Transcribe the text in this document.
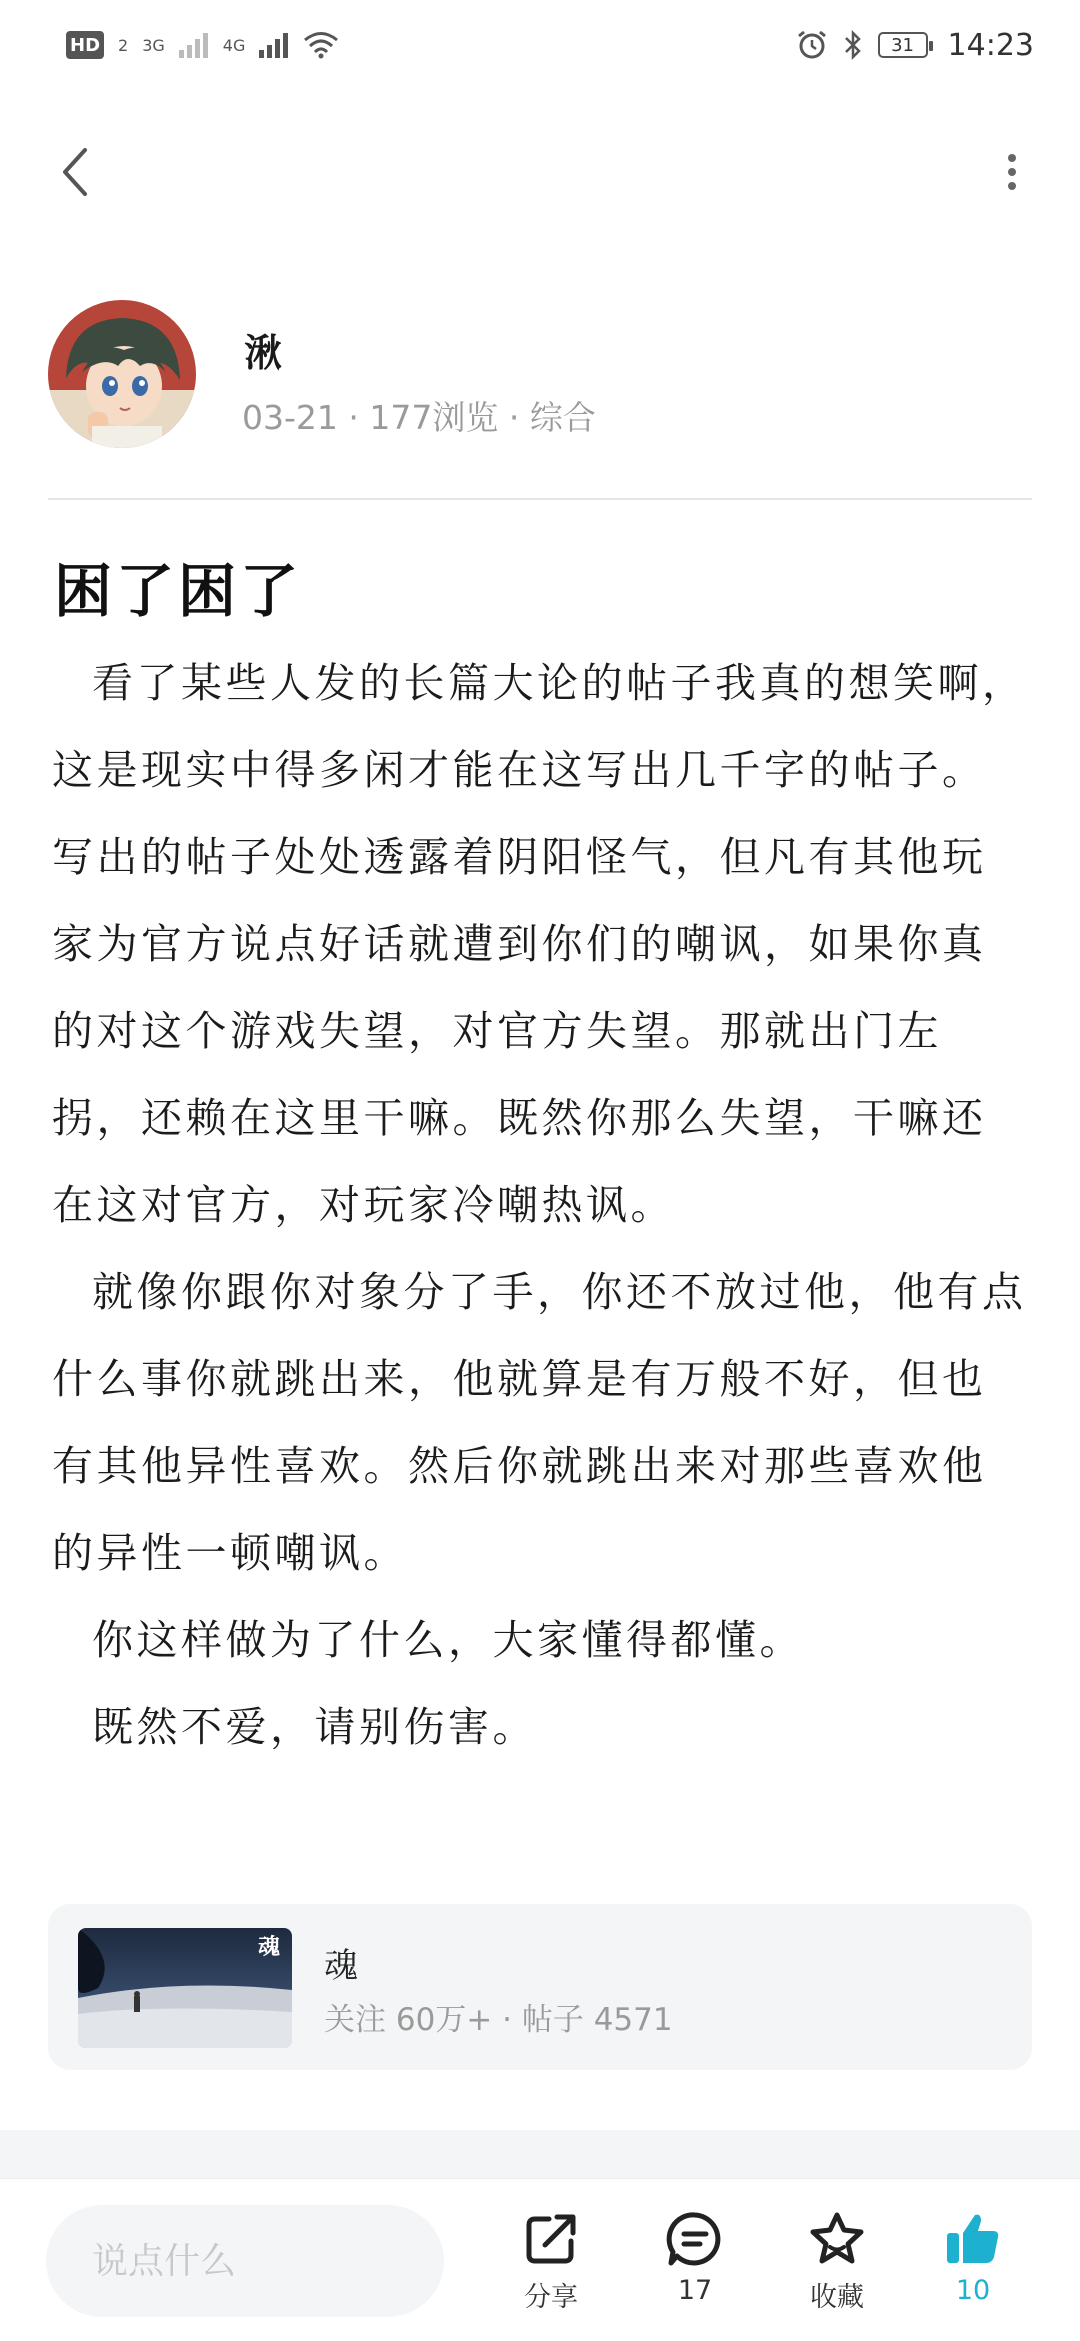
HD 2 3G	4G	31	14:23
湫
03-21 · 177浏览 · 综合
困了困了

看了某些人发的长篇大论的帖子我真的想笑啊，这是现实中得多闲才能在这写出几千字的帖子。写出的帖子处处透露着阴阳怪气，但凡有其他玩家为官方说点好话就遭到你们的嘲讽，如果你真的对这个游戏失望，对官方失望。那就出门左拐，还赖在这里干嘛。既然你那么失望，干嘛还在这对官方，对玩家冷嘲热讽。

就像你跟你对象分了手，你还不放过他，他有点什么事你就跳出来，他就算是有万般不好，但也有其他异性喜欢。然后你就跳出来对那些喜欢他的异性一顿嘲讽。

你这样做为了什么，大家懂得都懂。

既然不爱，请别伤害。

魂 魂
关注 60万+ · 帖子 4571
说点什么
分享	17	收藏	10
